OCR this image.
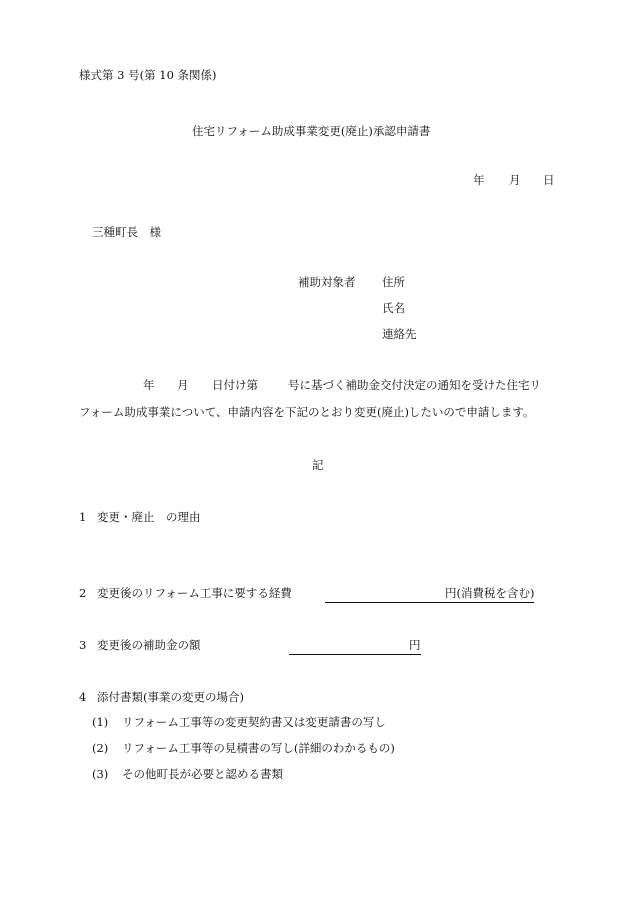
様式第 3 号(第 10 条関係)
住宅リフォーム助成事業変更(廃止)承認申請書
年 月 日
三種町長　様
補助対象者 住所
氏名
連絡先
年 月 日付け第	号に基づく補助金交付決定の通知を受けた住宅リ
フォーム助成事業について、申請内容を下記のとおり変更(廃止)したいので申請します。
記
1 変更・廃止　の理由
2 変更後のリフォーム工事に要する経費	円(消費税を含む)
3 変更後の補助金の額	円
4 添付書類(事業の変更の場合)
(1) リフォーム工事等の変更契約書又は変更請書の写し
(2) リフォーム工事等の見積書の写し(詳細のわかるもの)
(3) その他町長が必要と認める書類
